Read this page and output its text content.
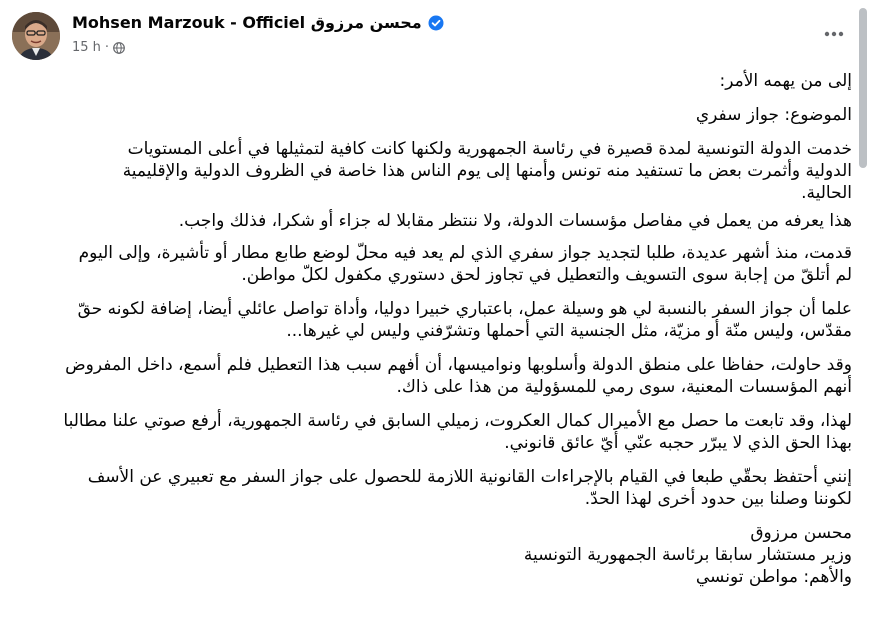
Mohsen Marzouk - Officiel محسن مرزوق
15 h ·

إلى من يهمه الأمر:

الموضوع: جواز سفري

خدمت الدولة التونسية لمدة قصيرة في رئاسة الجمهورية ولكنها كانت كافية لتمثيلها في أعلى المستويات

الدولية وأثمرت بعض ما تستفيد منه تونس وأمنها إلى يوم الناس هذا خاصة في الظروف الدولية والإقليمية

الحالية.

هذا يعرفه من يعمل في مفاصل مؤسسات الدولة، ولا ننتظر مقابلا له جزاء أو شكرا، فذلك واجب.

قدمت، منذ أشهر عديدة، طلبا لتجديد جواز سفري الذي لم يعد فيه محلّ لوضع طابع مطار أو تأشيرة، وإلى اليوم

لم أتلقّ من إجابة سوى التسويف والتعطيل في تجاوز لحق دستوري مكفول لكلّ مواطن.

علما أن جواز السفر بالنسبة لي هو وسيلة عمل، باعتباري خبيرا دوليا، وأداة تواصل عائلي أيضا، إضافة لكونه حقّ

مقدّس، وليس منّة أو مزيّة، مثل الجنسية التي أحملها وتشرّفني وليس لي غيرها...

وقد حاولت، حفاظا على منطق الدولة وأسلوبها ونواميسها، أن أفهم سبب هذا التعطيل فلم أسمع، داخل المفروض

أنهم المؤسسات المعنية، سوى رمي للمسؤولية من هذا على ذاك.

لهذا، وقد تابعت ما حصل مع الأميرال كمال العكروت، زميلي السابق في رئاسة الجمهورية، أرفع صوتي علنا مطالبا

بهذا الحق الذي لا يبرّر حجبه عنّي أيّ عائق قانوني.

إنني أحتفظ بحقّي طبعا في القيام بالإجراءات القانونية اللازمة للحصول على جواز السفر مع تعبيري عن الأسف

لكوننا وصلنا بين حدود أخرى لهذا الحدّ.

محسن مرزوق

وزير مستشار سابقا برئاسة الجمهورية التونسية

والأهم: مواطن تونسي
